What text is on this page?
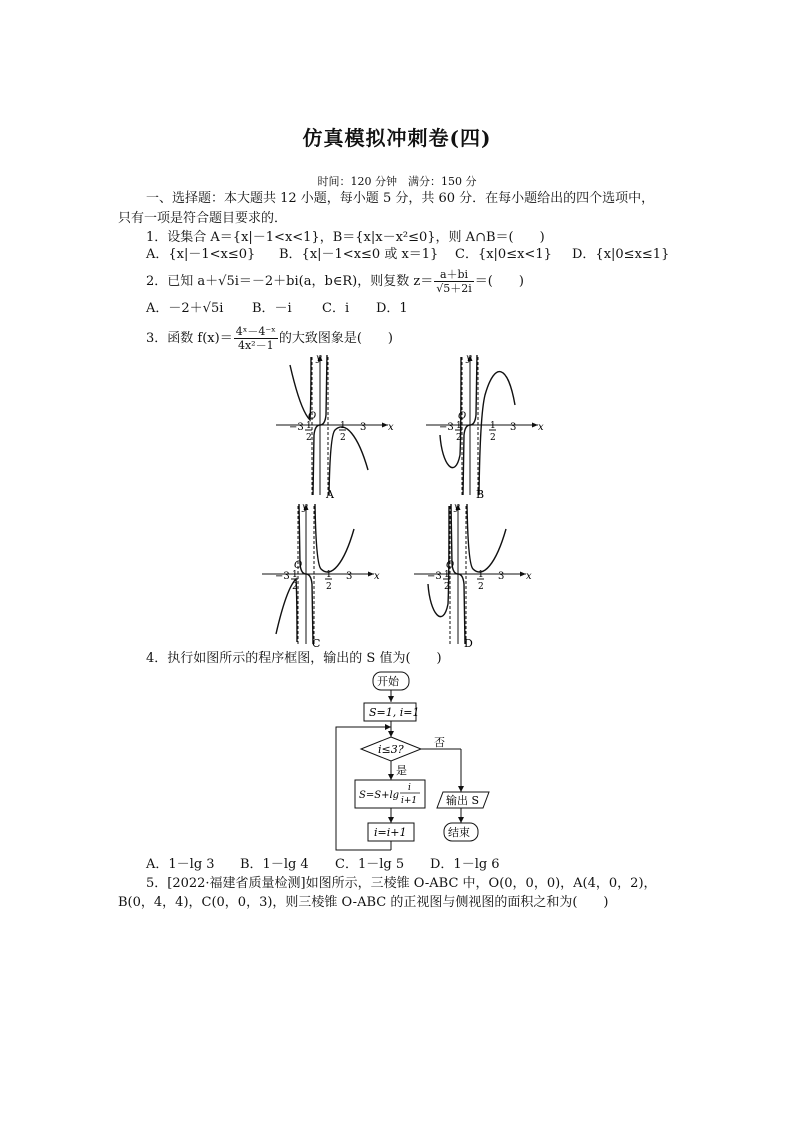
仿真模拟冲刺卷(四)
时间：120 分钟　满分：150 分
一、选择题：本大题共 12 小题，每小题 5 分，共 60 分．在每小题给出的四个选项中，
只有一项是符合题目要求的．
1．设集合 A＝{x|－1<x<1}，B＝{x|x－x²≤0}，则 A∩B＝(　　)
A．{x|－1<x≤0} B．{x|－1<x≤0 或 x＝1} C．{x|0≤x<1} D．{x|0≤x≤1}
2．已知 a＋√5i＝－2＋bi(a，b∈R)，则复数 $z= \frac{a+bi}{√5+2i}$ ＝(　　)
A．－2＋√5i B．－i C．i D．1
3．函数 $f(x)= \frac{\text{4ˣ－4⁻ˣ}}{\text{4x²－1}}$ 的大致图象是(　　)
y
x
O
−3	3
1
2
1
2
A
y
x
O
−3	3
1
2
1
2
B
y
x
O
−3	3
1
2
1
2
C
y
x
O
−3	3
1
2
1
2
D
开始
S=1, i=1
i≤3?
否
是
S=S+lg
i
i+1
i=i+1
输出 S
结束
4．执行如图所示的程序框图，输出的 S 值为(　　)
A．1－lg 3 B．1－lg 4 C．1－lg 5 D．1－lg 6
5．[2022·福建省质量检测]如图所示，三棱锥 O-ABC 中，O(0，0，0)，A(4，0，2)，
B(0，4，4)，C(0，0，3)，则三棱锥 O-ABC 的正视图与侧视图的面积之和为(　　)
